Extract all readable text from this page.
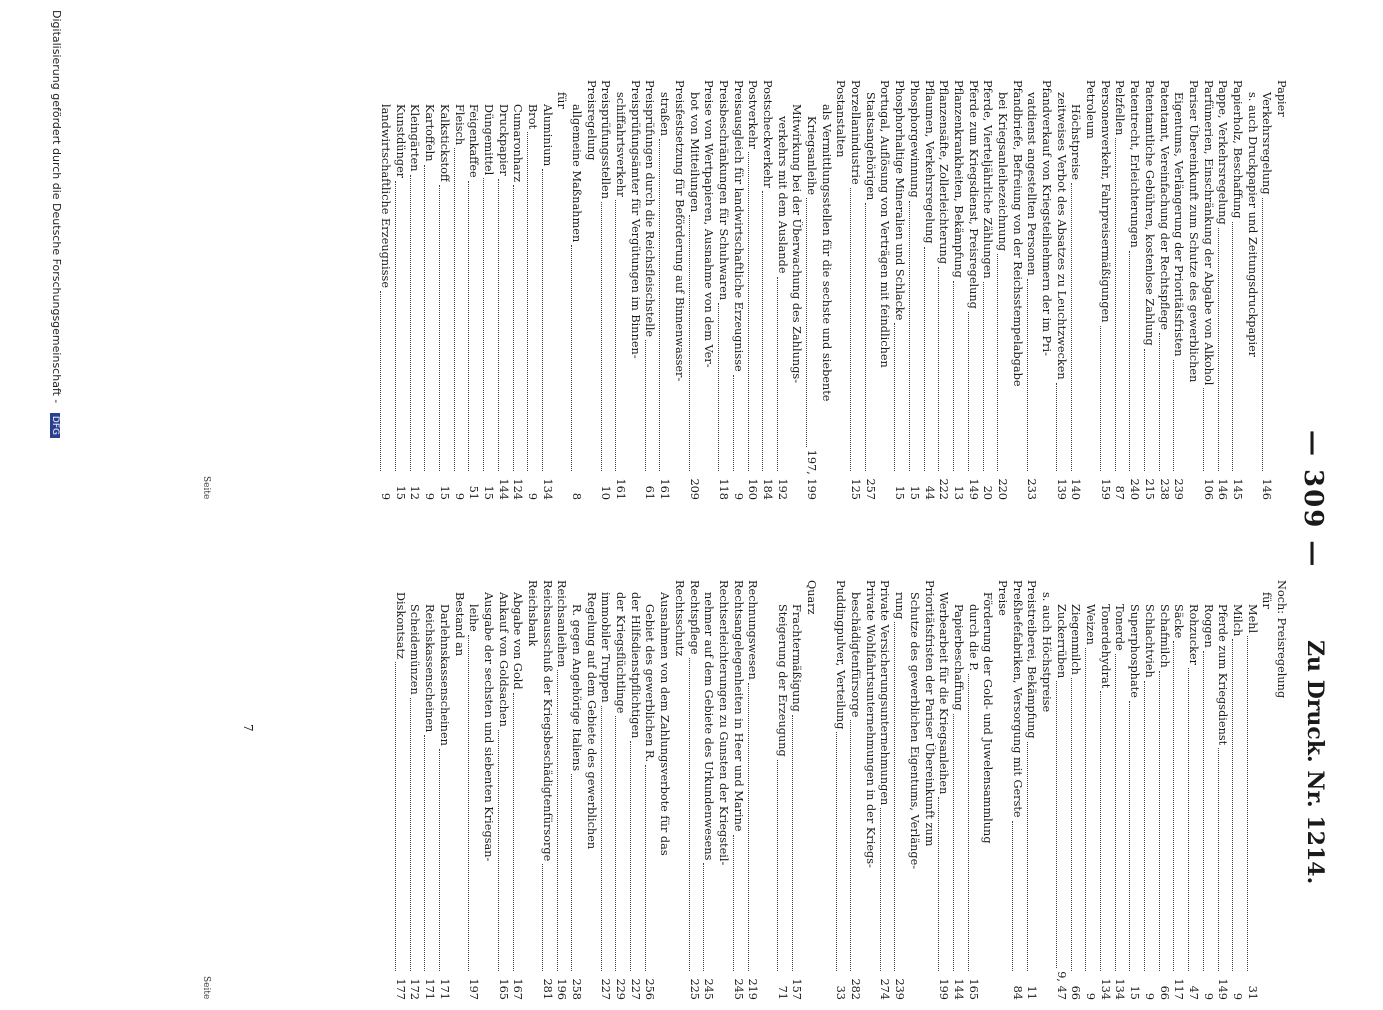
— 309 —
Zu Druck. Nr. 1214.
Seite
Seite
Papier
Verkehrsregelung
146
s. auch Druckpapier und Zeitungsdruckpapier
Papierholz, Beschaffung
145
Pappe, Verkehrsregelung
146
Parfümerien, Einschränkung der Abgabe von Alkohol
106
Pariser Übereinkunft zum Schutze des gewerblichen
Eigentums, Verlängerung der Prioritätsfristen
239
Patentamt, Vereinfachung der Rechtspflege
238
Patentamtliche Gebühren, kostenlose Zahlung
215
Patentrecht, Erleichterungen
240
Pelzfellen
87
Personenverkehr, Fahrpreisermäßigungen
159
Petroleum
Höchstpreise
140
zeitweises Verbot des Absatzes zu Leuchtzwecken
139
Pfandverkauf von Kriegsteilnehmern der im Pri-
vatdienst angestellten Personen
233
Pfandbriefe, Befreiung von der Reichsstempelabgabe
bei Kriegsanleihezeichnung
220
Pferde, Vierteljährliche Zählungen
20
Pferde zum Kriegsdienst, Preisregelung
149
Pflanzenkrankheiten, Bekämpfung
13
Pflanzensäfte, Zollerleichterung
222
Pflaumen, Verkehrsregelung
44
Phosphorgewinnung
15
Phosphorhaltige Mineralien und Schlacke
15
Portugal, Auflösung von Verträgen mit feindlichen
Staatsangehörigen
257
Porzellanindustrie
125
Postanstalten
als Vermittlungsstellen für die sechste und siebente
Kriegsanleihe
197, 199
Mitwirkung bei der Überwachung des Zahlungs-
verkehrs mit dem Auslande
192
Postscheckverkehr
184
Postverkehr
160
Preisausgleich für landwirtschaftliche Erzeugnisse
9
Preisbeschränkungen für Schuhwaren
118
Preise von Wertpapieren, Ausnahme von dem Ver-
bot von Mitteilungen
209
Preisfestsetzung für Beförderung auf Binnenwasser-
straßen
161
Preisprüfungen durch die Reichsfleischstelle
61
Preisprüfungsämter für Vergütungen im Binnen-
schiffahrtsverkehr
161
Preisprüfungsstellen
10
Preisregelung
allgemeine Maßnahmen
8
für
Aluminium
134
Brot
9
Cumaronharz
124
Druckpapier
144
Düngemittel
15
Feigenkaffee
51
Fleisch
9
Kalkstickstoff
15
Kartoffeln
9
Kleingärten
12
Kunstdünger
15
landwirtschaftliche Erzeugnisse
9
Noch: Preisregelung
für
Mehl
31
Milch
9
Pferde zum Kriegsdienst
149
Roggen
9
Rohzucker
47
Säcke
117
Schafmilch
66
Schlachtvieh
9
Superphosphate
15
Tonerde
134
Tonerdehydrat
134
Weizen
9
Ziegenmilch
66
Zuckerrüben
9, 47
s. auch Höchstpreise
Preistreiberei, Bekämpfung
11
Preßhefefabriken, Versorgung mit Gerste
84
Preise
Förderung der Gold- und Juwelensammlung
durch die P.
165
Papierbeschaffung
144
Werbearbeit für die Kriegsanleihen
199
Prioritätsfristen der Pariser Übereinkunft zum
Schutze des gewerblichen Eigentums, Verlänge-
rung
239
Private Versicherungsunternehmungen
274
Private Wohlfahrtsunternehmungen in der Kriegs-
beschädigtenfürsorge
282
Puddingpulver, Verteilung
33
Quarz
Frachtermäßigung
157
Steigerung der Erzeugung
71
Rechnungswesen
219
Rechtsangelegenheiten in Heer und Marine
245
Rechtserleichterungen zu Gunsten der Kriegsteil-
nehmer auf dem Gebiete des Urkundenwesens
245
Rechtspflege
225
Rechtsschutz
Ausnahmen von dem Zahlungsverbote für das
Gebiet des gewerblichen R.
256
der Hilfsdienstpflichtigen
227
der Kriegsflüchtlinge
229
immobiler Truppen
227
Regelung auf dem Gebiete des gewerblichen
R. gegen Angehörige Italiens
258
Reichsanleihen
196
Reichsausschuß der Kriegsbeschädigtenfürsorge
281
Reichsbank
Abgabe von Gold
167
Ankauf von Goldsachen
165
Ausgabe der sechsten und siebenten Kriegsan-
leihe
197
Bestand an
Darlehnskassenscheinen
171
Reichskassenscheinen
171
Scheidemünzen
172
Diskontsatz
177
7
Digitalisierung gefördert durch die Deutsche Forschungsgemeinschaft - DFG
